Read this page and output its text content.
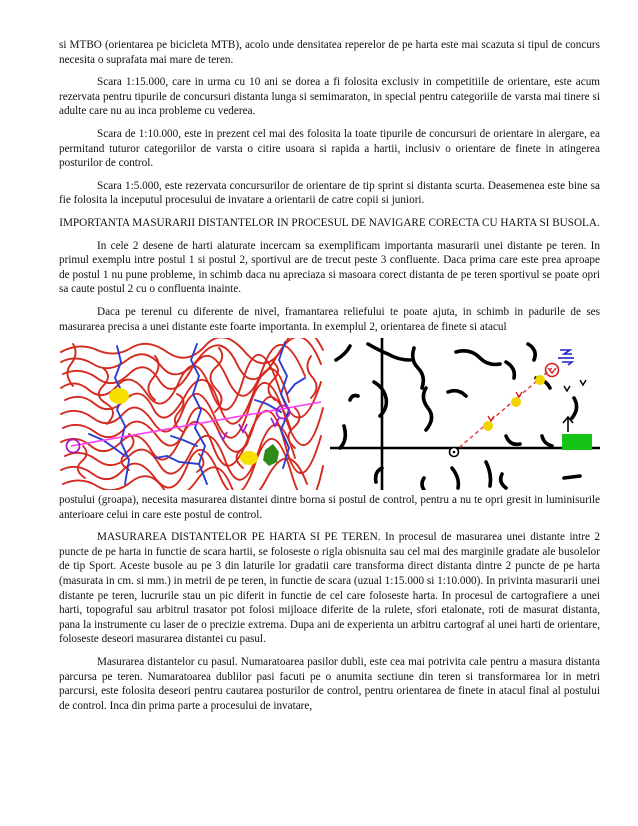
si MTBO (orientarea pe bicicleta MTB), acolo unde densitatea reperelor de pe harta este mai scazuta si tipul de concurs necesita o suprafata mai mare de teren.

Scara 1:15.000, care in urma cu 10 ani se dorea a fi folosita exclusiv in competitiile de orientare, este acum rezervata pentru tipurile de concursuri distanta lunga si semimaraton, in special pentru categoriile de varsta mai tinere si adulte care nu au inca probleme cu vederea.

Scara de 1:10.000, este in prezent cel mai des folosita la toate tipurile de concursuri de orientare in alergare, ea permitand tuturor categoriilor de varsta o citire usoara si rapida a hartii, inclusiv o orientare de finete in atingerea posturilor de control.

Scara 1:5.000, este rezervata concursurilor de orientare de tip sprint si distanta scurta. Deasemenea este bine sa fie folosita la inceputul procesului de invatare a orientarii de catre copii si juniori.

IMPORTANTA MASURARII DISTANTELOR IN PROCESUL DE NAVIGARE CORECTA CU HARTA SI BUSOLA.

In cele 2 desene de harti alaturate incercam sa exemplificam importanta masurarii unei distante pe teren. In primul exemplu intre postul 1 si postul 2, sportivul are de trecut peste 3 confluente. Daca prima care este prea aproape de postul 1 nu pune probleme, in schimb daca nu apreciaza si masoara corect distanta de pe teren sportivul se poate opri sa caute postul 2 cu o confluenta inainte.

Daca pe terenul cu diferente de nivel, framantarea reliefului te poate ajuta, in schimb in padurile de ses masurarea precisa a unei distante este foarte importanta. In exemplul 2, orientarea de finete si atacul

postului (groapa), necesita masurarea distantei dintre borna si postul de control, pentru a nu te opri gresit in luminisurile anterioare celui in care este postul de control.

MASURAREA DISTANTELOR PE HARTA SI PE TEREN. In procesul de masurarea unei distante intre 2 puncte de pe harta in functie de scara hartii, se foloseste o rigla obisnuita sau cel mai des marginile gradate ale busolelor de tip Sport. Aceste busole au pe 3 din laturile lor gradatii care transforma direct distanta dintre 2 puncte de pe harta (masurata in cm. si mm.) in metrii de pe teren, in functie de scara (uzual 1:15.000 si 1:10.000). In privinta masurarii unei distante pe teren, lucrurile stau un pic diferit in functie de cel care foloseste harta. In procesul de cartografiere a unei harti, topograful sau arbitrul trasator pot folosi mijloace diferite de la rulete, sfori etalonate, roti de masurat distanta, pana la instrumente cu laser de o precizie extrema. Dupa ani de experienta un arbitru cartograf al unei harti de orientare, foloseste deseori masurarea distantei cu pasul.

Masurarea distantelor cu pasul. Numaratoarea pasilor dubli, este cea mai potrivita cale pentru a masura distanta parcursa pe teren. Numaratoarea dublilor pasi facuti pe o anumita sectiune din teren si transformarea lor in metri parcursi, este folosita deseori pentru cautarea posturilor de control, pentru orientarea de finete in atacul final al postului de control. Inca din prima parte a procesului de invatare,
